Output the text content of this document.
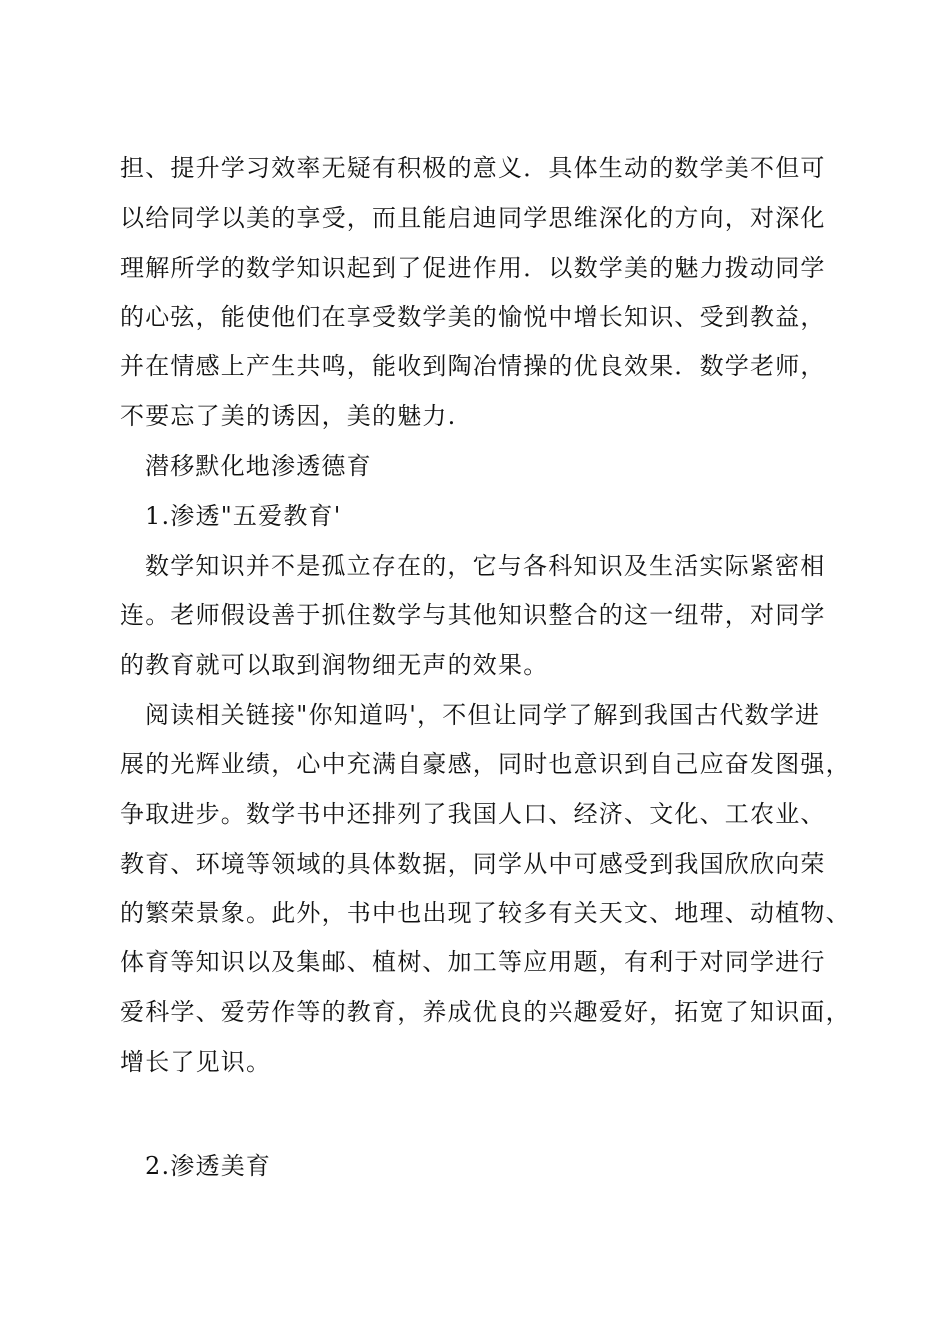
担、提升学习效率无疑有积极的意义．具体生动的数学美不但可

以给同学以美的享受，而且能启迪同学思维深化的方向，对深化

理解所学的数学知识起到了促进作用．以数学美的魅力拨动同学

的心弦，能使他们在享受数学美的愉悦中增长知识、受到教益，

并在情感上产生共鸣，能收到陶冶情操的优良效果．数学老师，

不要忘了美的诱因，美的魅力.

潜移默化地渗透德育

1.渗透"五爱教育'

数学知识并不是孤立存在的，它与各科知识及生活实际紧密相

连。老师假设善于抓住数学与其他知识整合的这一纽带，对同学

的教育就可以取到润物细无声的效果。

阅读相关链接"你知道吗'，不但让同学了解到我国古代数学进

展的光辉业绩，心中充满自豪感，同时也意识到自己应奋发图强，

争取进步。数学书中还排列了我国人口、经济、文化、工农业、

教育、环境等领域的具体数据，同学从中可感受到我国欣欣向荣

的繁荣景象。此外，书中也出现了较多有关天文、地理、动植物、

体育等知识以及集邮、植树、加工等应用题，有利于对同学进行

爱科学、爱劳作等的教育，养成优良的兴趣爱好，拓宽了知识面，

增长了见识。

2.渗透美育
